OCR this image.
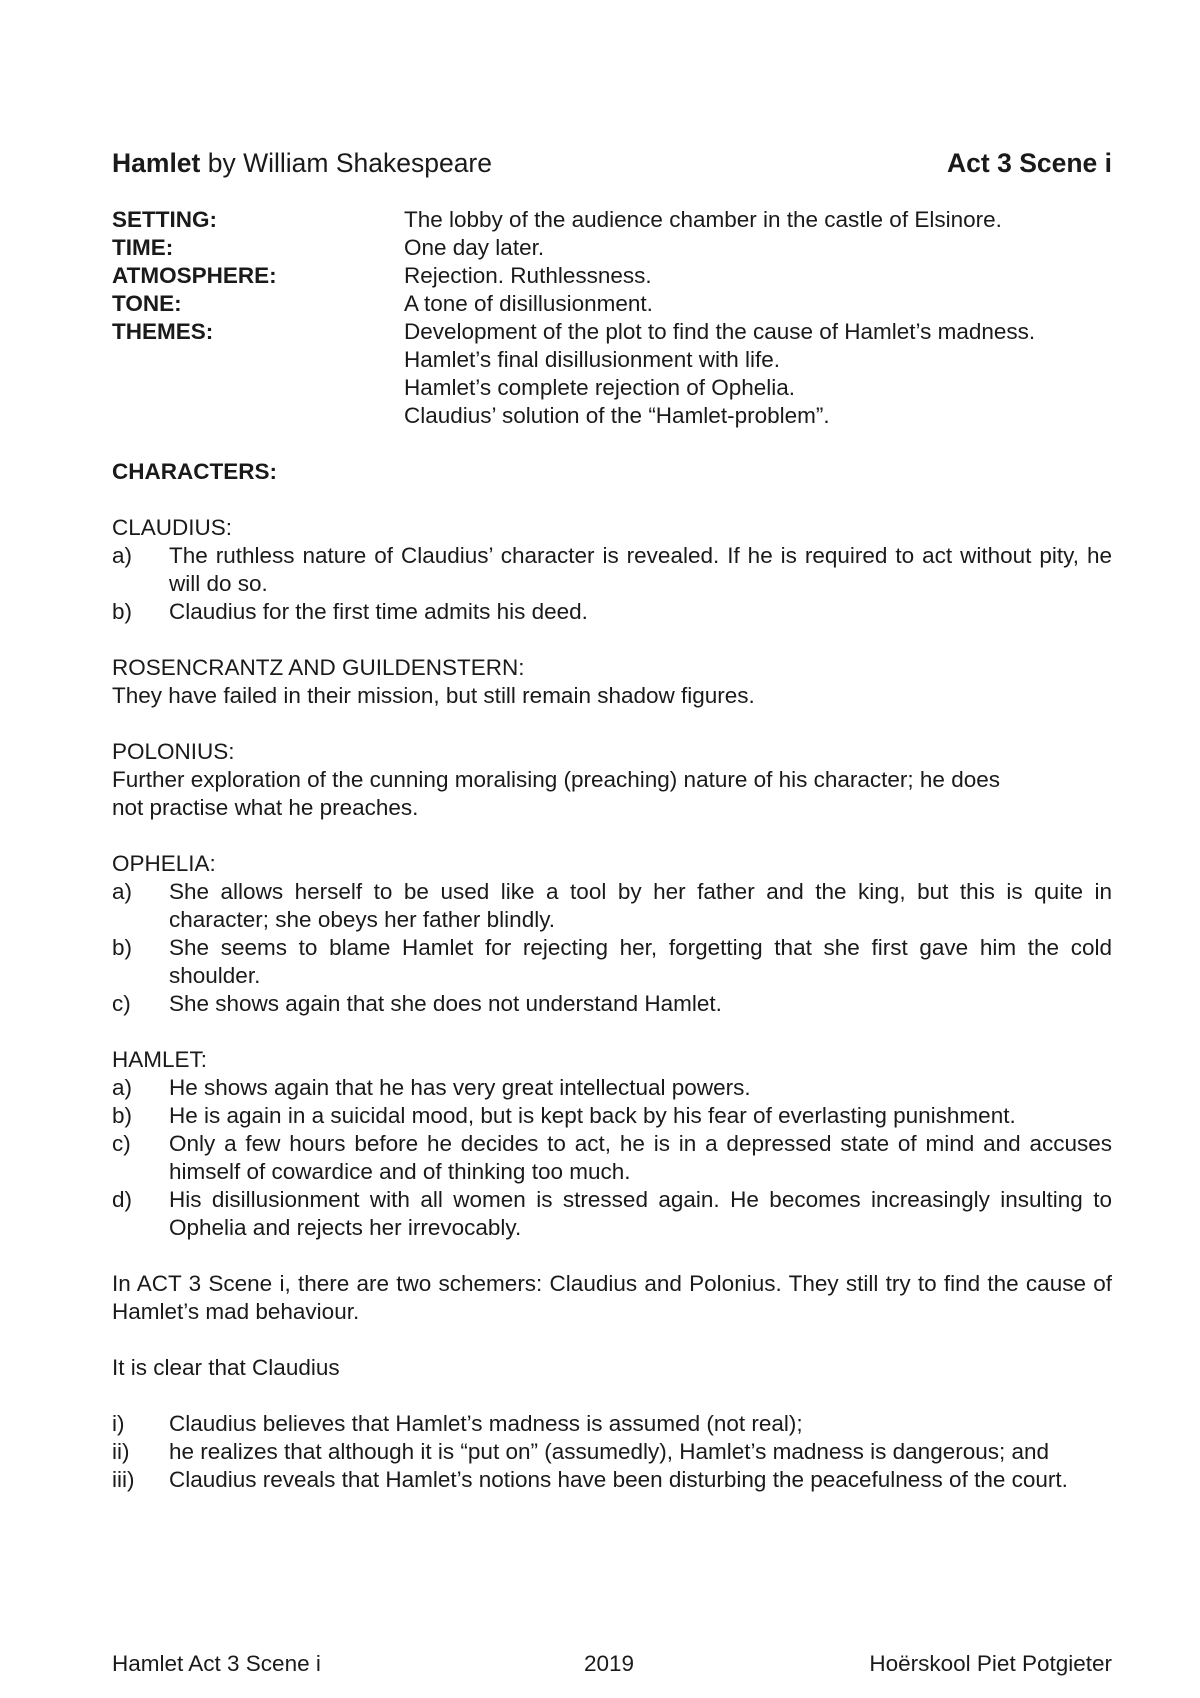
Hamlet by William Shakespeare	Act 3 Scene i
SETTING:	The lobby of the audience chamber in the castle of Elsinore.
TIME:	One day later.
ATMOSPHERE:	Rejection. Ruthlessness.
TONE:	A tone of disillusionment.
THEMES:	Development of the plot to find the cause of Hamlet’s madness.
Hamlet’s final disillusionment with life.
Hamlet’s complete rejection of Ophelia.
Claudius’ solution of the “Hamlet-problem”.
CHARACTERS:

CLAUDIUS:

a)	The ruthless nature of Claudius’ character is revealed. If he is required to act without pity, he will do so.
b)	Claudius for the first time admits his deed.

ROSENCRANTZ AND GUILDENSTERN:

They have failed in their mission, but still remain shadow figures.

POLONIUS:

Further exploration of the cunning moralising (preaching) nature of his character; he does not practise what he preaches.

OPHELIA:

a)	She allows herself to be used like a tool by her father and the king, but this is quite in character; she obeys her father blindly.
b)	She seems to blame Hamlet for rejecting her, forgetting that she first gave him the cold shoulder.
c)	She shows again that she does not understand Hamlet.

HAMLET:

a)	He shows again that he has very great intellectual powers.
b)	He is again in a suicidal mood, but is kept back by his fear of everlasting punishment.
c)	Only a few hours before he decides to act, he is in a depressed state of mind and accuses himself of cowardice and of thinking too much.
d)	His disillusionment with all women is stressed again. He becomes increasingly insulting to Ophelia and rejects her irrevocably.

In ACT 3 Scene i, there are two schemers: Claudius and Polonius. They still try to find the cause of Hamlet’s mad behaviour.

It is clear that Claudius

i)	Claudius believes that Hamlet’s madness is assumed (not real);
ii)	he realizes that although it is “put on” (assumedly), Hamlet’s madness is dangerous; and
iii)	Claudius reveals that Hamlet’s notions have been disturbing the peacefulness of the court.
Hamlet Act 3 Scene i	2019	Hoërskool Piet Potgieter
